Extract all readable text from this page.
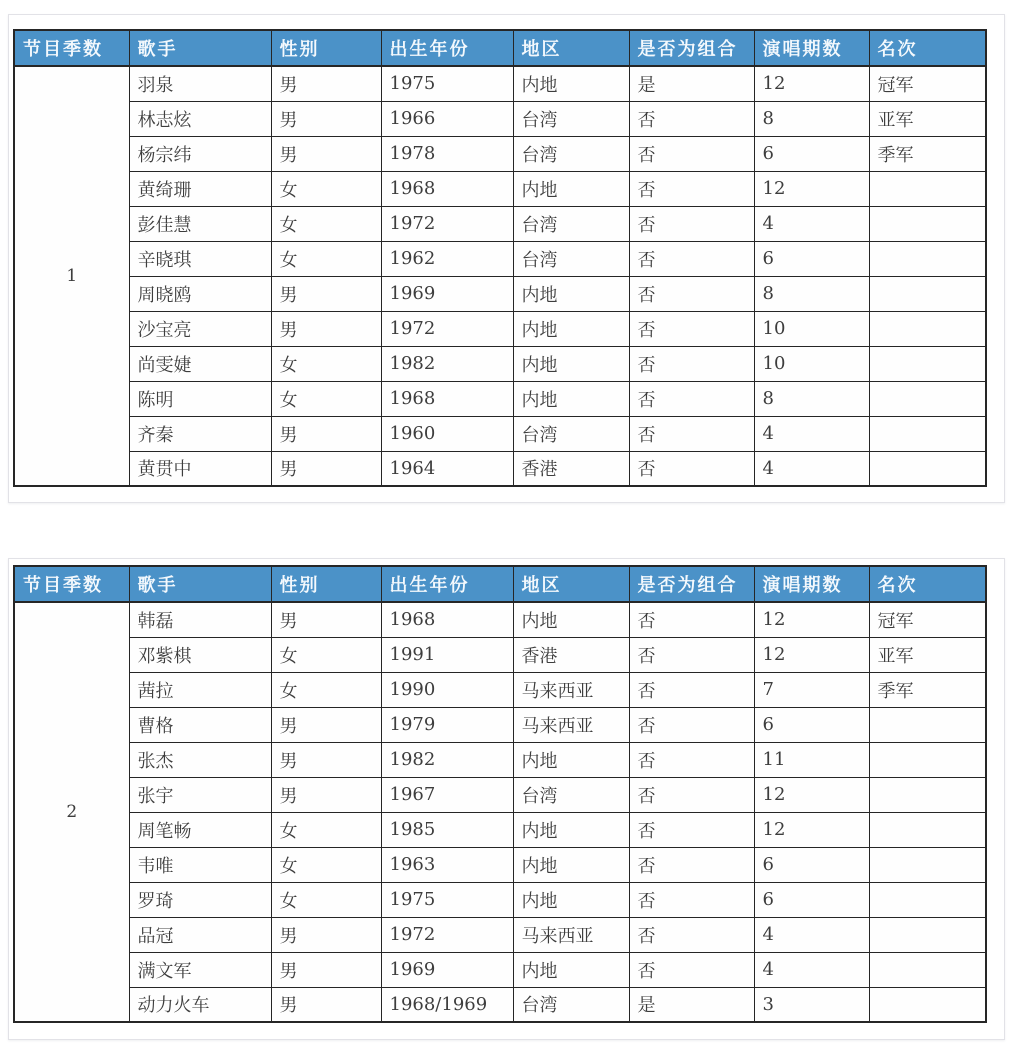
节目季数	歌手	性别	出生年份	地区	是否为组合	演唱期数	名次
1	羽泉	男	1975	内地	是	12	冠军
	林志炫	男	1966	台湾	否	8	亚军
	杨宗纬	男	1978	台湾	否	6	季军
	黄绮珊	女	1968	内地	否	12	
	彭佳慧	女	1972	台湾	否	4	
	辛晓琪	女	1962	台湾	否	6	
	周晓鸥	男	1969	内地	否	8	
	沙宝亮	男	1972	内地	否	10	
	尚雯婕	女	1982	内地	否	10	
	陈明	女	1968	内地	否	8	
	齐秦	男	1960	台湾	否	4	
	黄贯中	男	1964	香港	否	4	
节目季数	歌手	性别	出生年份	地区	是否为组合	演唱期数	名次
2	韩磊	男	1968	内地	否	12	冠军
	邓紫棋	女	1991	香港	否	12	亚军
	茜拉	女	1990	马来西亚	否	7	季军
	曹格	男	1979	马来西亚	否	6	
	张杰	男	1982	内地	否	11	
	张宇	男	1967	台湾	否	12	
	周笔畅	女	1985	内地	否	12	
	韦唯	女	1963	内地	否	6	
	罗琦	女	1975	内地	否	6	
	品冠	男	1972	马来西亚	否	4	
	满文军	男	1969	内地	否	4	
	动力火车	男	1968/1969	台湾	是	3	
